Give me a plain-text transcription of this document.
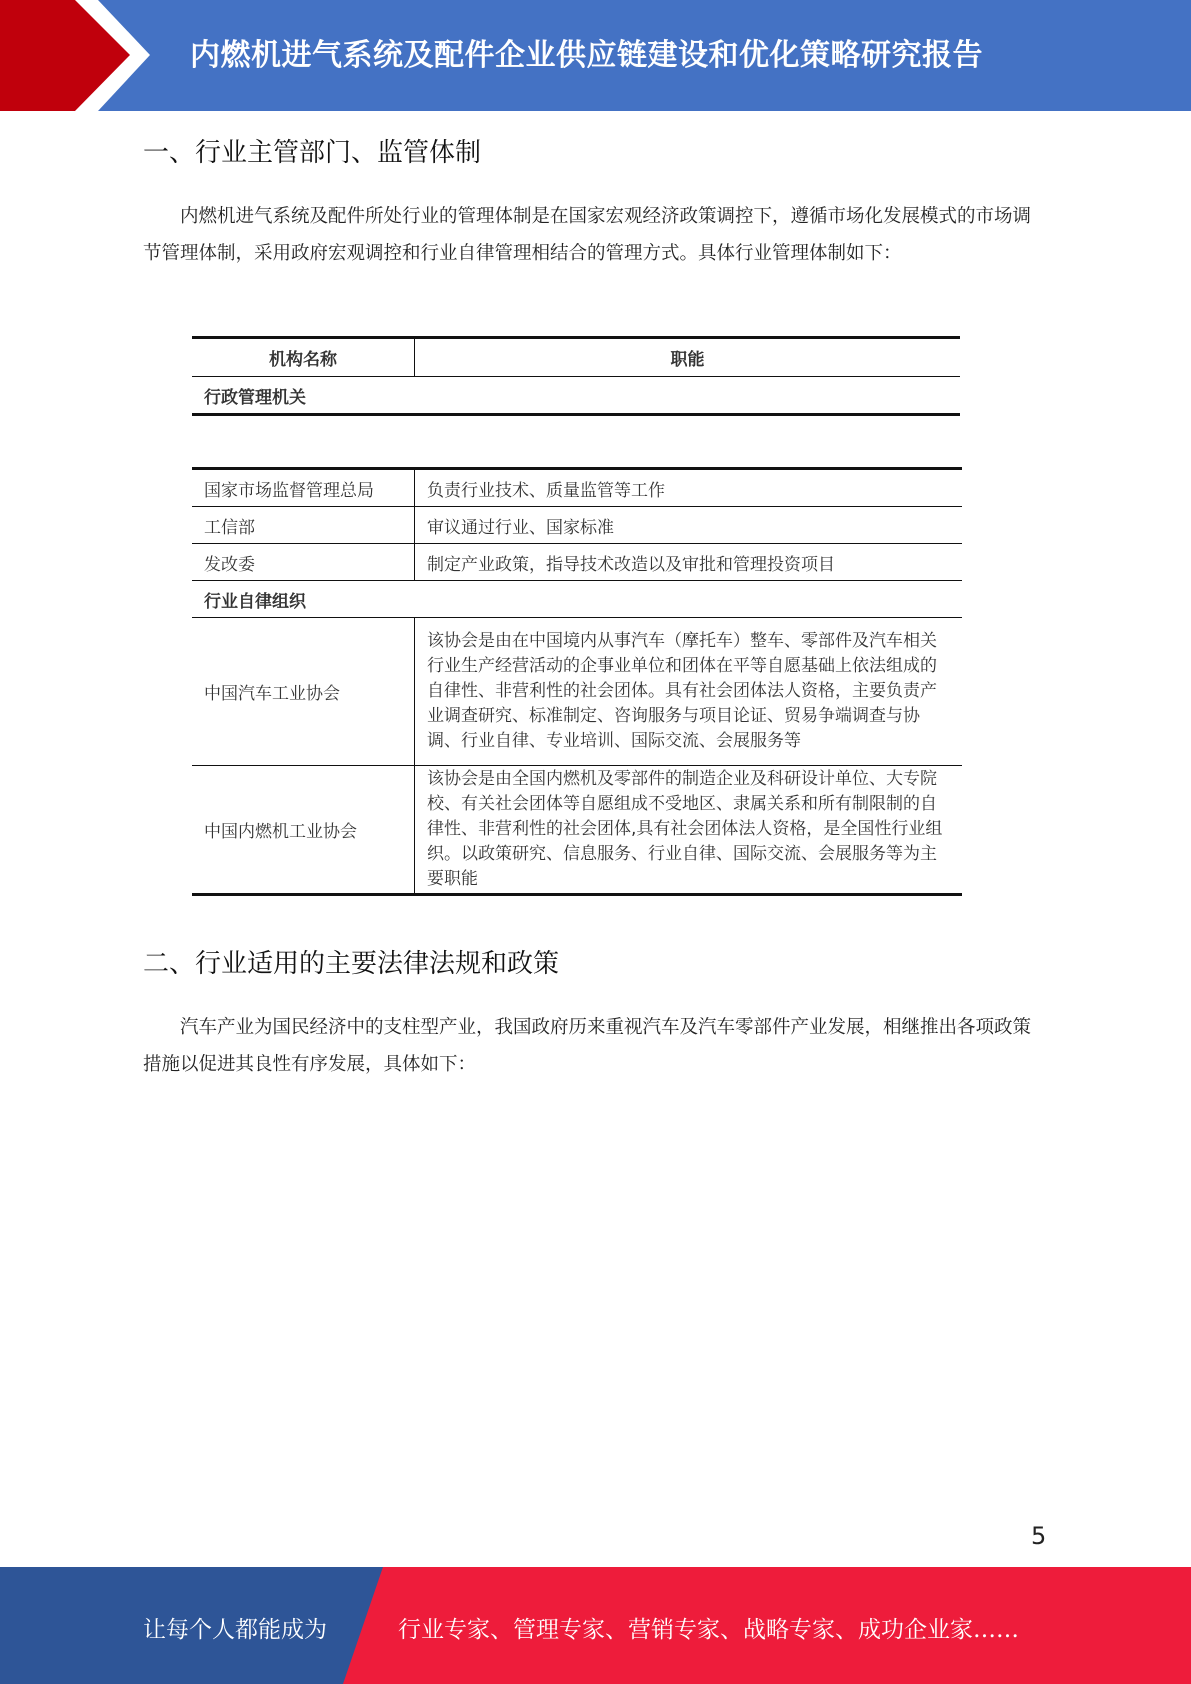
内燃机进气系统及配件企业供应链建设和优化策略研究报告
一、行业主管部门、监管体制

内燃机进气系统及配件所处行业的管理体制是在国家宏观经济政策调控下，遵循市场化发展模式的市场调节管理体制，采用政府宏观调控和行业自律管理相结合的管理方式。具体行业管理体制如下：

机构名称	职能
行政管理机关
国家市场监督管理总局	负责行业技术、质量监管等工作
工信部	审议通过行业、国家标准
发改委	制定产业政策，指导技术改造以及审批和管理投资项目
行业自律组织	
中国汽车工业协会	该协会是由在中国境内从事汽车（摩托车）整车、零部件及汽车相关行业生产经营活动的企事业单位和团体在平等自愿基础上依法组成的自律性、非营利性的社会团体。具有社会团体法人资格，主要负责产业调查研究、标准制定、咨询服务与项目论证、贸易争端调查与协调、行业自律、专业培训、国际交流、会展服务等
中国内燃机工业协会	该协会是由全国内燃机及零部件的制造企业及科研设计单位、大专院校、有关社会团体等自愿组成不受地区、隶属关系和所有制限制的自律性、非营利性的社会团体,具有社会团体法人资格，是全国性行业组织。以政策研究、信息服务、行业自律、国际交流、会展服务等为主要职能
二、行业适用的主要法律法规和政策

汽车产业为国民经济中的支柱型产业，我国政府历来重视汽车及汽车零部件产业发展，相继推出各项政策措施以促进其良性有序发展，具体如下：

5
让每个人都能成为	行业专家、管理专家、营销专家、战略专家、成功企业家……
